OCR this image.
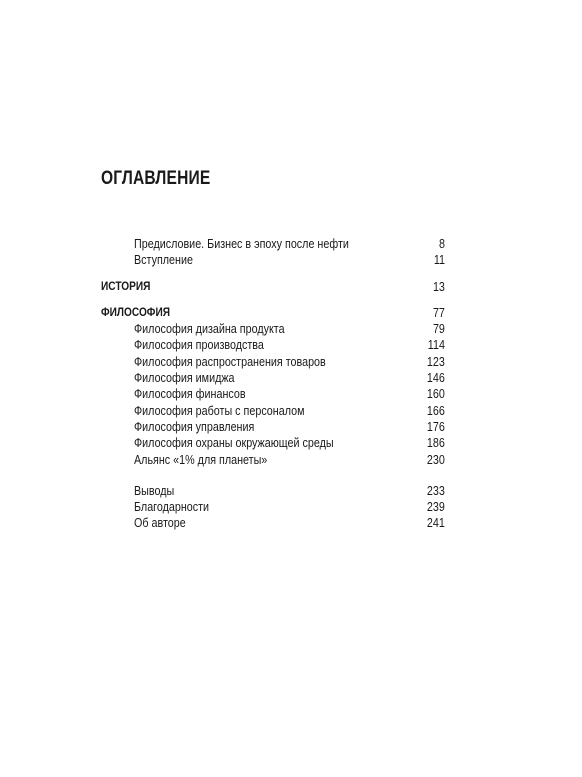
ОГЛАВЛЕНИЕ
Предисловие. Бизнес в эпоху после нефти	8
Вступление	11
ИСТОРИЯ	13
ФИЛОСОФИЯ	77
Философия дизайна продукта	79
Философия производства	114
Философия распространения товаров	123
Философия имиджа	146
Философия финансов	160
Философия работы с персоналом	166
Философия управления	176
Философия охраны окружающей среды	186
Альянс «1% для планеты»	230
Выводы	233
Благодарности	239
Об авторе	241
